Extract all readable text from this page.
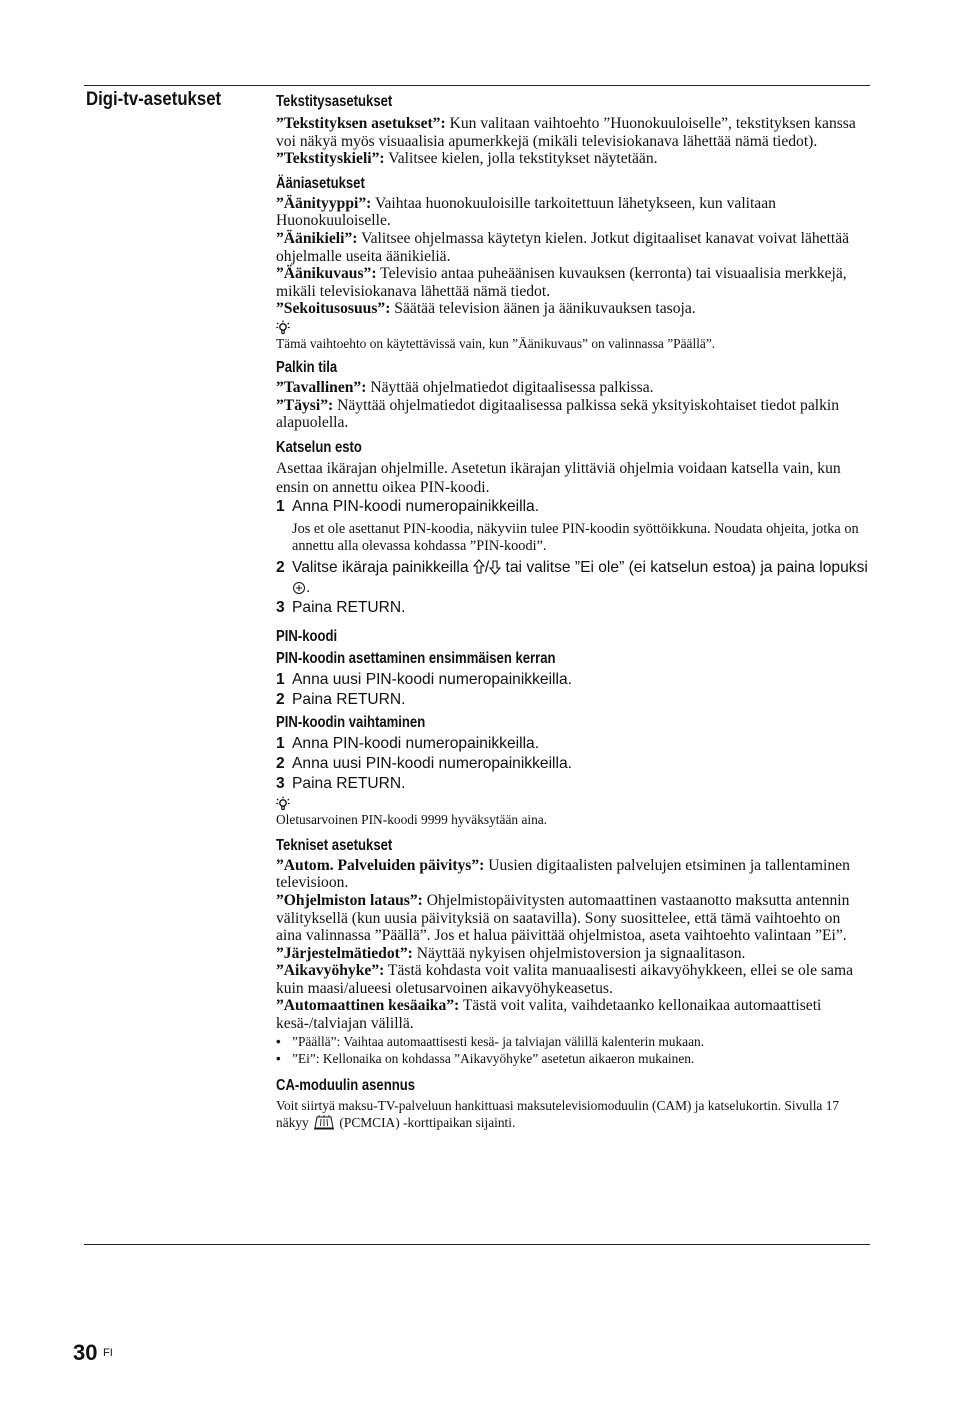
Digi-tv-asetukset	Tekstitysasetukset

”Tekstityksen asetukset”: Kun valitaan vaihtoehto ”Huonokuuloiselle”, tekstityksen kanssa voi näkyä myös visuaalisia apumerkkejä (mikäli televisiokanava lähettää nämä tiedot).

”Tekstityskieli”: Valitsee kielen, jolla tekstitykset näytetään.

Ääniasetukset

”Äänityyppi”: Vaihtaa huonokuuloisille tarkoitettuun lähetykseen, kun valitaan Huonokuuloiselle.

”Äänikieli”: Valitsee ohjelmassa käytetyn kielen. Jotkut digitaaliset kanavat voivat lähettää ohjelmalle useita äänikieliä.

”Äänikuvaus”: Televisio antaa puheäänisen kuvauksen (kerronta) tai visuaalisia merkkejä, mikäli televisiokanava lähettää nämä tiedot.

”Sekoitusosuus”: Säätää television äänen ja äänikuvauksen tasoja.

Tämä vaihtoehto on käytettävissä vain, kun ”Äänikuvaus” on valinnassa ”Päällä”.

Palkin tila

”Tavallinen”: Näyttää ohjelmatiedot digitaalisessa palkissa.

”Täysi”: Näyttää ohjelmatiedot digitaalisessa palkissa sekä yksityiskohtaiset tiedot palkin alapuolella.

Katselun esto

Asettaa ikärajan ohjelmille. Asetetun ikärajan ylittäviä ohjelmia voidaan katsella vain, kun ensin on annettu oikea PIN-koodi.

1 Anna PIN-koodi numeropainikkeilla.

Jos et ole asettanut PIN-koodia, näkyviin tulee PIN-koodin syöttöikkuna. Noudata ohjeita, jotka on annettu alla olevassa kohdassa ”PIN-koodi”.

2 Valitse ikäraja painikkeilla / tai valitse ”Ei ole” (ei katselun estoa) ja paina lopuksi .
3 Paina RETURN.
PIN-koodi
PIN-koodin asettaminen ensimmäisen kerran
1 Anna uusi PIN-koodi numeropainikkeilla.
2 Paina RETURN.
PIN-koodin vaihtaminen
1 Anna PIN-koodi numeropainikkeilla.
2 Anna uusi PIN-koodi numeropainikkeilla.
3 Paina RETURN.

Oletusarvoinen PIN-koodi 9999 hyväksytään aina.

Tekniset asetukset

”Autom. Palveluiden päivitys”: Uusien digitaalisten palvelujen etsiminen ja tallentaminen televisioon.

”Ohjelmiston lataus”: Ohjelmistopäivitysten automaattinen vastaanotto maksutta antennin välityksellä (kun uusia päivityksiä on saatavilla). Sony suosittelee, että tämä vaihtoehto on aina valinnassa ”Päällä”. Jos et halua päivittää ohjelmistoa, aseta vaihtoehto valintaan ”Ei”.

”Järjestelmätiedot”: Näyttää nykyisen ohjelmistoversion ja signaalitason.

”Aikavyöhyke”: Tästä kohdasta voit valita manuaalisesti aikavyöhykkeen, ellei se ole sama kuin maasi/alueesi oletusarvoinen aikavyöhykeasetus.

”Automaattinen kesäaika”: Tästä voit valita, vaihdetaanko kellonaikaa automaattiseti kesä-/talviajan välillä.

• ”Päällä”: Vaihtaa automaattisesti kesä- ja talviajan välillä kalenterin mukaan.
• ”Ei”: Kellonaika on kohdassa ”Aikavyöhyke” asetetun aikaeron mukainen.
CA-moduulin asennus

Voit siirtyä maksu-TV-palveluun hankittuasi maksutelevisiomoduulin (CAM) ja katselukortin. Sivulla 17 näkyy  (PCMCIA) -korttipaikan sijainti.

30 FI
